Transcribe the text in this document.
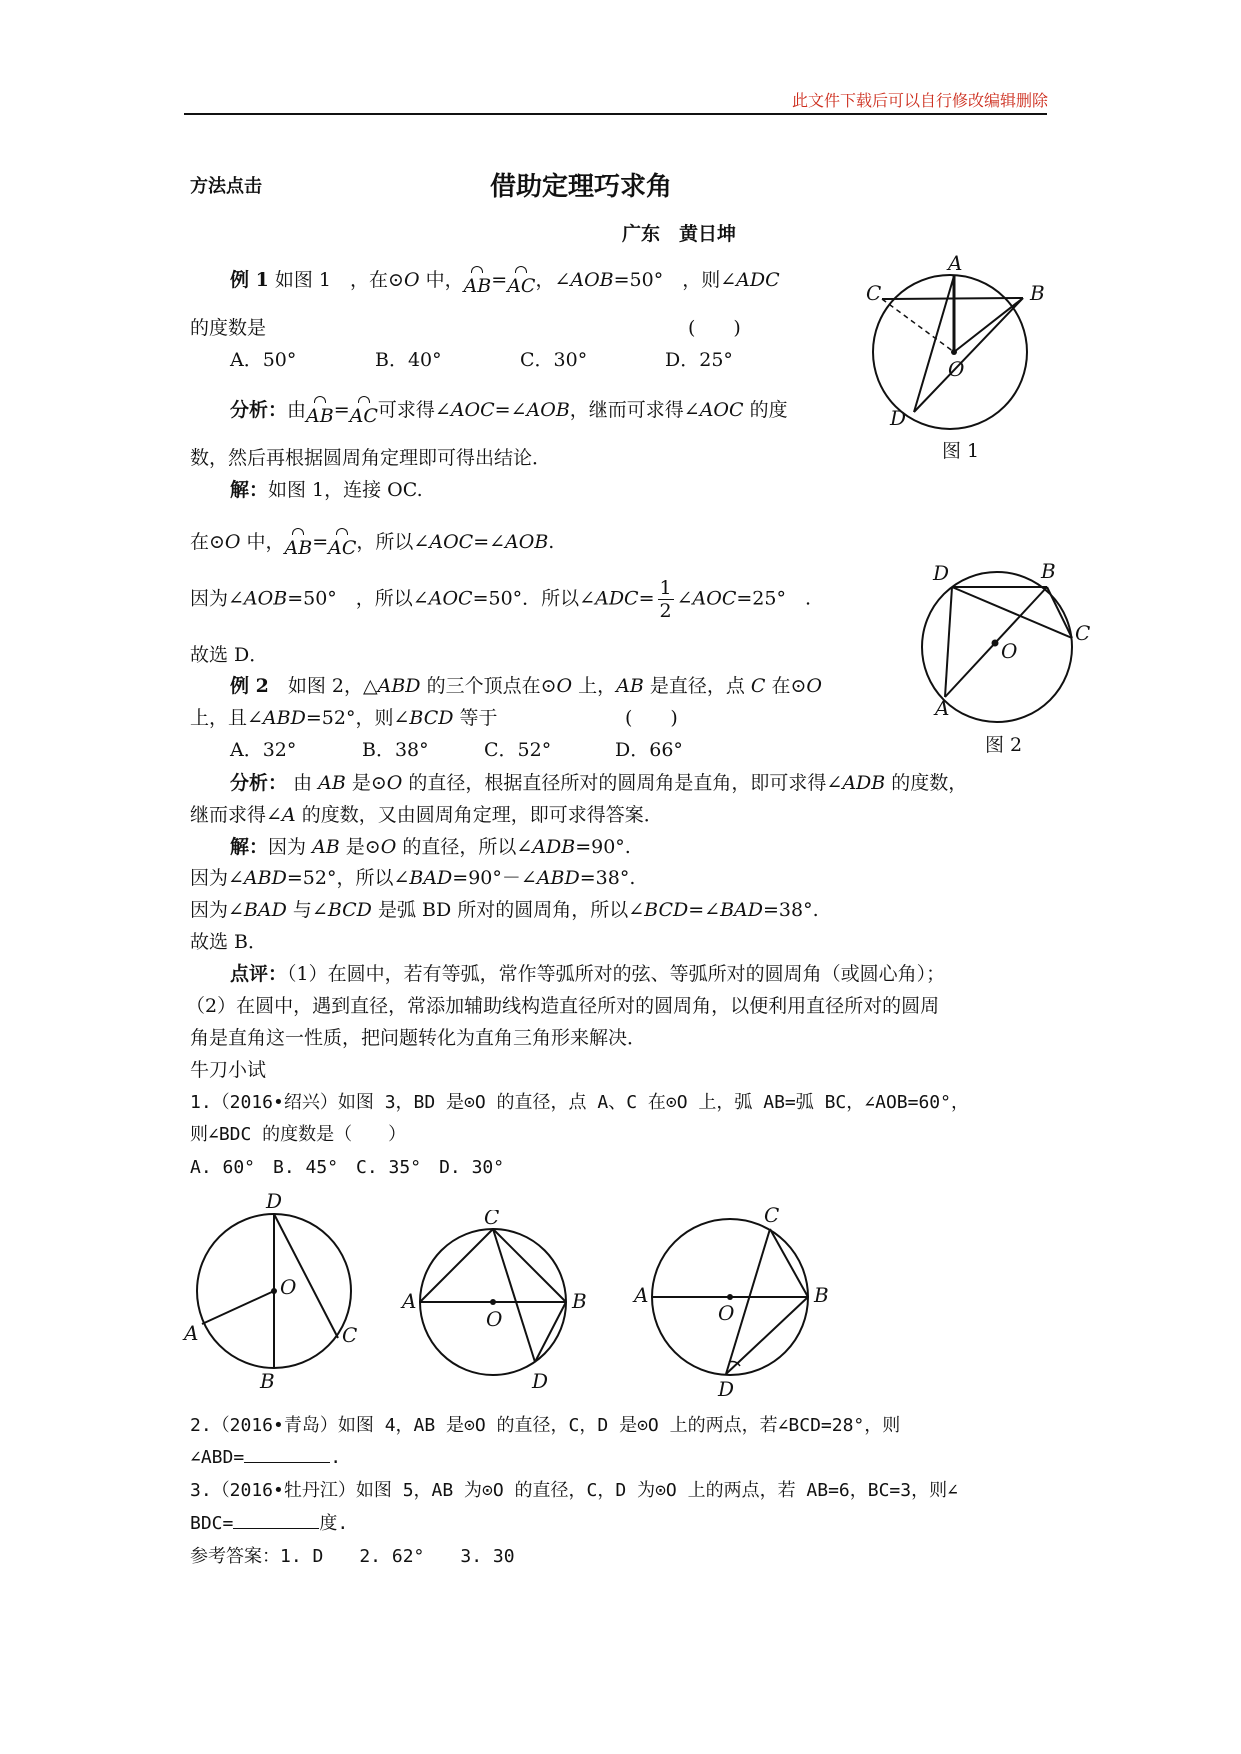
此文件下载后可以自行修改编辑删除
方法点击	借助定理巧求角
广东　黄日坤
例 1 如图 1　，在⊙O 中，AB=AC，∠AOB=50°　，则∠ADC
的度数是	(　　)
A．50°	B．40°	C．30°	D．25°
分析：由AB=AC可求得∠AOC=∠AOB，继而可求得∠AOC 的度
数，然后再根据圆周角定理即可得出结论．
解：如图 1，连接 OC.
在⊙O 中，AB=AC，所以∠AOC=∠AOB.
因为∠AOB=50°　，所以∠AOC=50°．所以∠ADC= $\frac{1}{2}$ ∠AOC=25°　.
故选 D．
A
B
C
D
O
图 1
例 2　 如图 2，△ABD 的三个顶点在⊙O 上，AB 是直径，点 C 在⊙O
上，且∠ABD=52°，则∠BCD 等于	(　　)
A．32°	B．38°	C．52°	D．66°
分析： 由 AB 是⊙O 的直径，根据直径所对的圆周角是直角，即可求得∠ADB 的度数，
继而求得∠A 的度数，又由圆周角定理，即可求得答案．
解：因为 AB 是⊙O 的直径，所以∠ADB=90°.
因为∠ABD=52°，所以∠BAD=90°－∠ABD=38°.
因为∠BAD 与∠BCD 是弧 BD 所对的圆周角，所以∠BCD=∠BAD=38°.
故选 B．
D	B
C
O
A
图 2
点评：（1）在圆中，若有等弧，常作等弧所对的弦、等弧所对的圆周角（或圆心角）；
（2）在圆中，遇到直径，常添加辅助线构造直径所对的圆周角，以便利用直径所对的圆周
角是直角这一性质，把问题转化为直角三角形来解决．
牛刀小试
1.（2016•绍兴）如图 3，BD 是⊙O 的直径，点 A、C 在⊙O 上，弧 AB=弧 BC，∠AOB=60°，
则∠BDC 的度数是（　　）
A. 60°　B. 45°　C. 35°　D. 30°
D
O
A	C
B
C
A
O
B
D
C
A
O
B
D
2.（2016•青岛）如图 4，AB 是⊙O 的直径，C，D 是⊙O 上的两点，若∠BCD=28°，则
∠ABD=	.
3.（2016•牡丹江）如图 5，AB 为⊙O 的直径，C，D 为⊙O 上的两点，若 AB=6，BC=3，则∠
BDC=	度.
参考答案：1. D　　2. 62°　　3. 30
